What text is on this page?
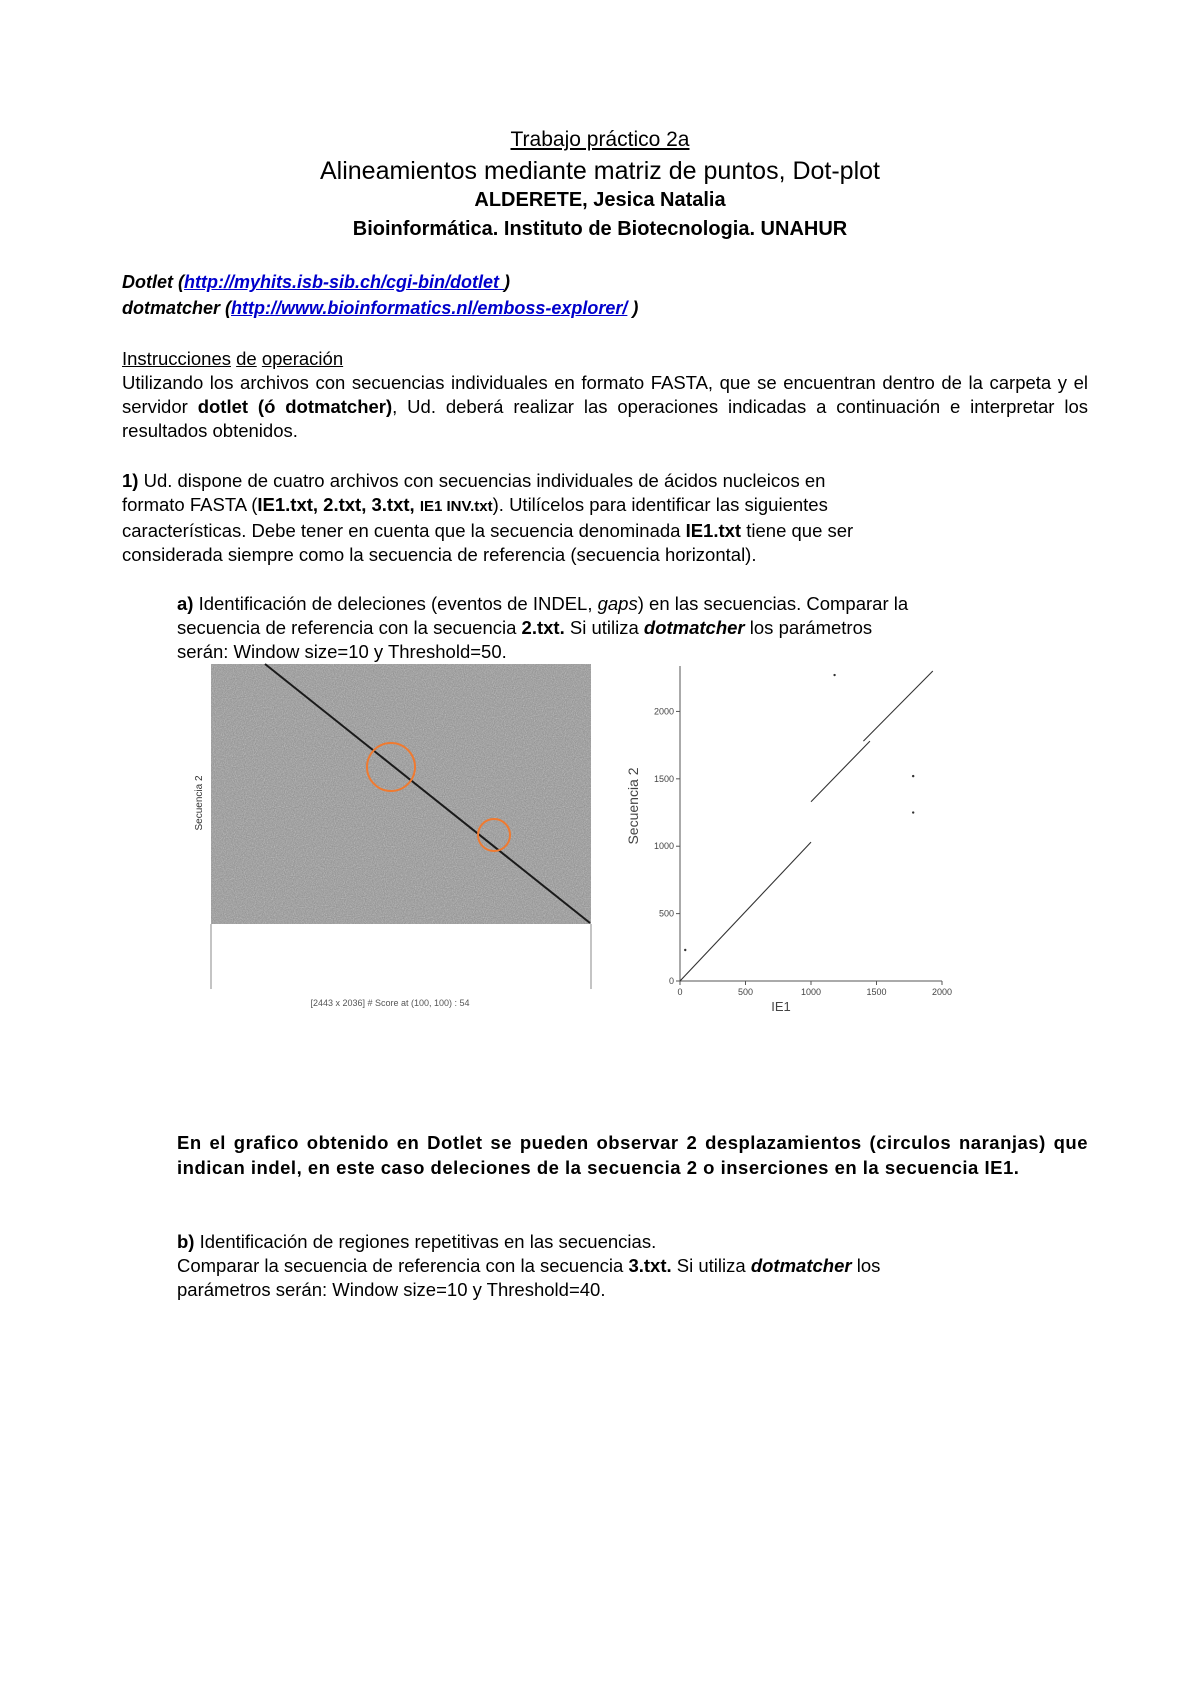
Trabajo práctico 2a
Alineamientos mediante matriz de puntos, Dot-plot
ALDERETE, Jesica Natalia
Bioinformática. Instituto de Biotecnologia. UNAHUR
Dotlet (http://myhits.isb-sib.ch/cgi-bin/dotlet )
dotmatcher (http://www.bioinformatics.nl/emboss-explorer/ )
Instrucciones de operación
Utilizando los archivos con secuencias individuales en formato FASTA, que se encuentran dentro de la carpeta y el servidor dotlet (ó dotmatcher), Ud. deberá realizar las operaciones indicadas a continuación e interpretar los resultados obtenidos.
1) Ud. dispone de cuatro archivos con secuencias individuales de ácidos nucleicos en
formato FASTA (IE1.txt, 2.txt, 3.txt, IE1 INV.txt). Utilícelos para identificar las siguientes
características. Debe tener en cuenta que la secuencia denominada IE1.txt tiene que ser
considerada siempre como la secuencia de referencia (secuencia horizontal).
a) Identificación de deleciones (eventos de INDEL, gaps) en las secuencias. Comparar la
secuencia de referencia con la secuencia 2.txt. Si utiliza dotmatcher los parámetros
serán: Window size=10 y Threshold=50.
Secuencia 2
[2443 x 2036] # Score at (100, 100) : 54
0	500	1000	1500	2000
0
500
1000
1500
2000
IE1
Secuencia 2
En el grafico obtenido en Dotlet se pueden observar 2 desplazamientos (circulos naranjas) que indican indel, en este caso deleciones de la secuencia 2 o inserciones en la secuencia IE1.
b) Identificación de regiones repetitivas en las secuencias.
Comparar la secuencia de referencia con la secuencia 3.txt. Si utiliza dotmatcher los
parámetros serán: Window size=10 y Threshold=40.
